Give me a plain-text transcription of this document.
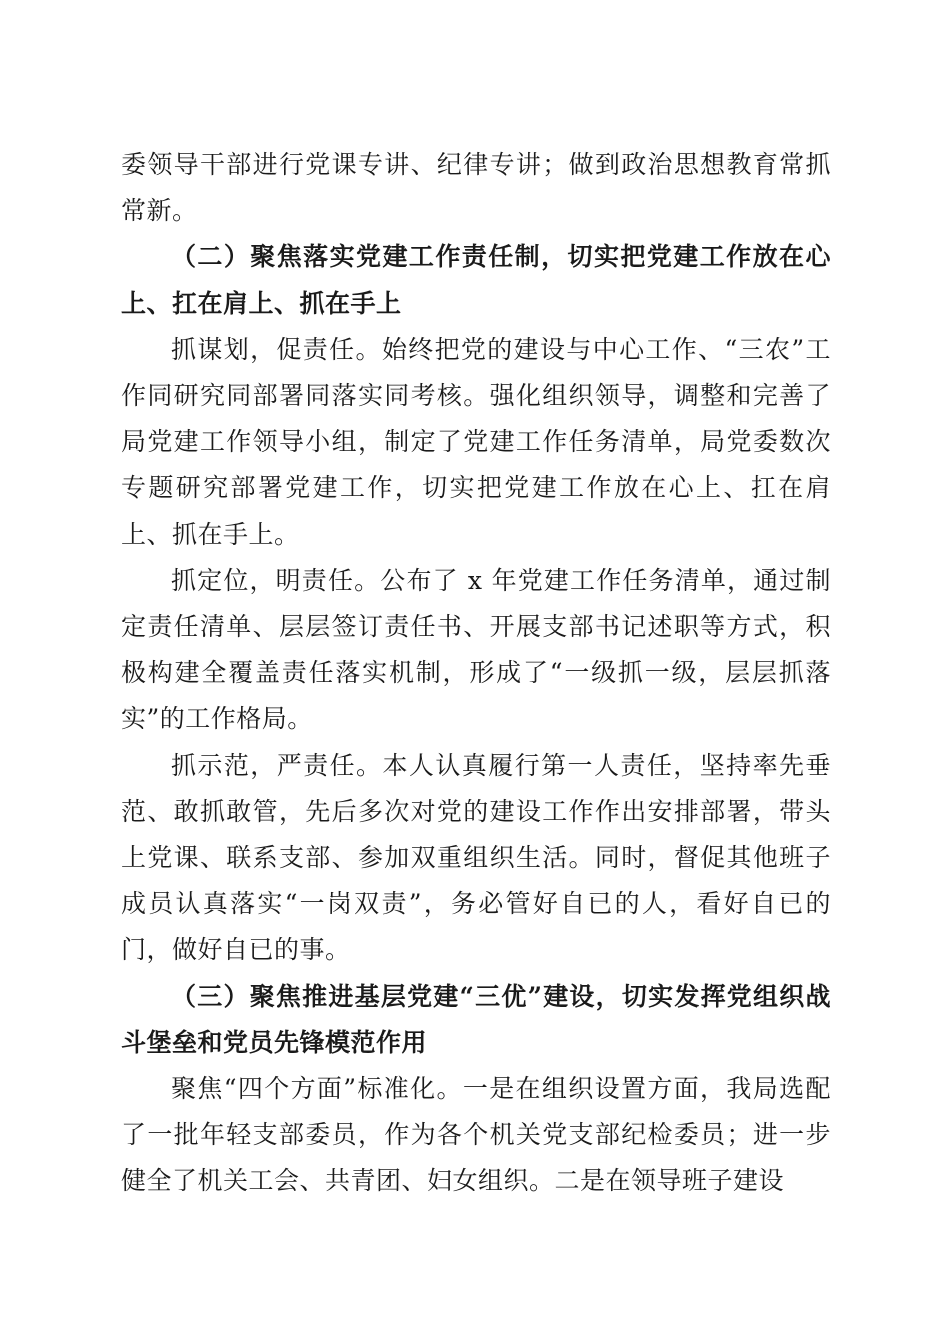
委领导干部进行党课专讲、纪律专讲；做到政治思想教育常抓常新。

（二）聚焦落实党建工作责任制，切实把党建工作放在心上、扛在肩上、抓在手上

抓谋划，促责任。始终把党的建设与中心工作、“三农”工作同研究同部署同落实同考核。强化组织领导，调整和完善了局党建工作领导小组，制定了党建工作任务清单，局党委数次专题研究部署党建工作，切实把党建工作放在心上、扛在肩上、抓在手上。

抓定位，明责任。公布了 x 年党建工作任务清单，通过制定责任清单、层层签订责任书、开展支部书记述职等方式，积极构建全覆盖责任落实机制，形成了“一级抓一级，层层抓落实”的工作格局。

抓示范，严责任。本人认真履行第一人责任，坚持率先垂范、敢抓敢管，先后多次对党的建设工作作出安排部署，带头上党课、联系支部、参加双重组织生活。同时，督促其他班子成员认真落实“一岗双责”，务必管好自已的人，看好自已的门，做好自已的事。

（三）聚焦推进基层党建“三优”建设，切实发挥党组织战斗堡垒和党员先锋模范作用

聚焦“四个方面”标准化。一是在组织设置方面，我局选配了一批年轻支部委员，作为各个机关党支部纪检委员；进一步健全了机关工会、共青团、妇女组织。二是在领导班子建设
